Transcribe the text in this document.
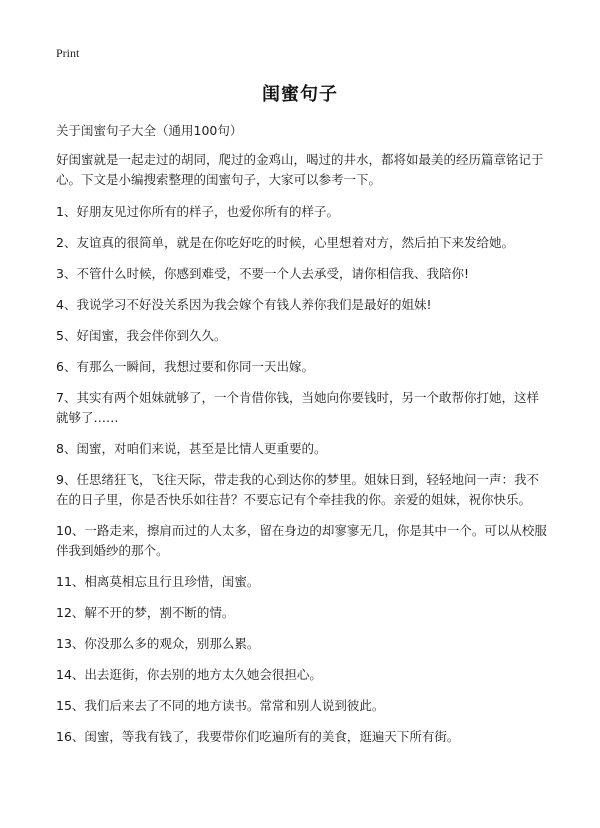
Print
闺蜜句子
关于闺蜜句子大全（通用100句）

好闺蜜就是一起走过的胡同，爬过的金鸡山，喝过的井水，都将如最美的经历篇章铭记于心。下文是小编搜索整理的闺蜜句子，大家可以参考一下。

1、好朋友见过你所有的样子，也爱你所有的样子。

2、友谊真的很简单，就是在你吃好吃的时候，心里想着对方，然后拍下来发给她。

3、不管什么时候，你感到难受，不要一个人去承受，请你相信我、我陪你!

4、我说学习不好没关系因为我会嫁个有钱人养你我们是最好的姐妹!

5、好闺蜜，我会伴你到久久。

6、有那么一瞬间，我想过要和你同一天出嫁。

7、其实有两个姐妹就够了，一个肯借你钱，当她向你要钱时，另一个敢帮你打她，这样就够了……

8、闺蜜，对咱们来说，甚至是比情人更重要的。

9、任思绪狂飞，飞往天际，带走我的心到达你的梦里。姐妹日到，轻轻地问一声：我不在的日子里，你是否快乐如往昔？不要忘记有个牵挂我的你。亲爱的姐妹，祝你快乐。

10、一路走来，擦肩而过的人太多，留在身边的却寥寥无几，你是其中一个。可以从校服伴我到婚纱的那个。

11、相离莫相忘且行且珍惜，闺蜜。

12、解不开的梦，割不断的情。

13、你没那么多的观众，别那么累。

14、出去逛街，你去别的地方太久她会很担心。

15、我们后来去了不同的地方读书。常常和别人说到彼此。

16、闺蜜，等我有钱了，我要带你们吃遍所有的美食，逛遍天下所有街。
